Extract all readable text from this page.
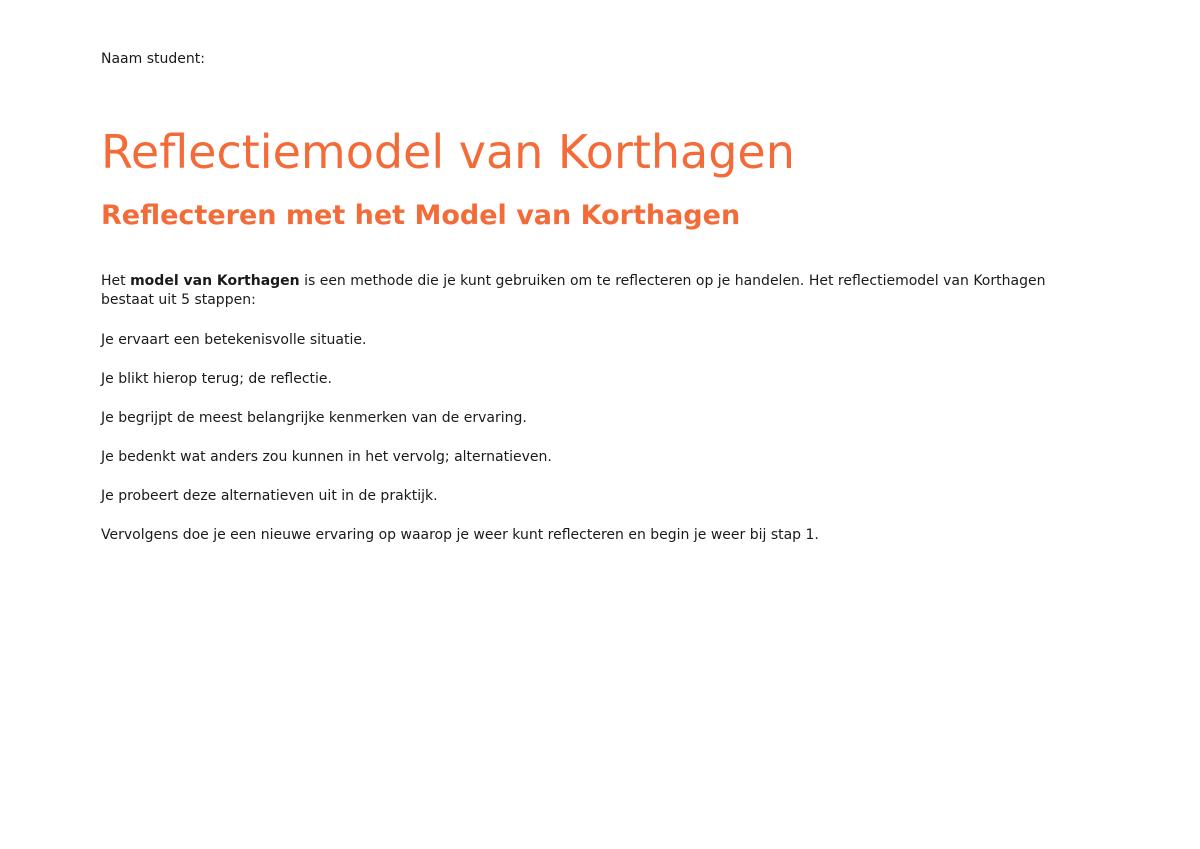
Naam student:

Reflectiemodel van Korthagen
Reflecteren met het Model van Korthagen

Het model van Korthagen is een methode die je kunt gebruiken om te reflecteren op je handelen. Het reflectiemodel van Korthagen bestaat uit 5 stappen:

Je ervaart een betekenisvolle situatie.
Je blikt hierop terug; de reflectie.
Je begrijpt de meest belangrijke kenmerken van de ervaring.
Je bedenkt wat anders zou kunnen in het vervolg; alternatieven.
Je probeert deze alternatieven uit in de praktijk.
Vervolgens doe je een nieuwe ervaring op waarop je weer kunt reflecteren en begin je weer bij stap 1.
